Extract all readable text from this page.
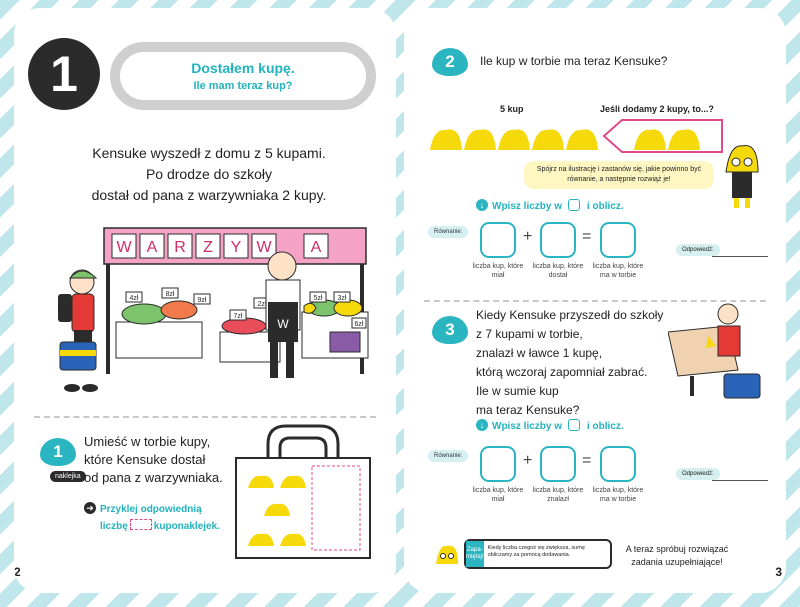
1	Dostałem kupę.
Ile mam teraz kup?
Kensuke wyszedł z domu z 5 kupami.
Po drodze do szkoły
dostał od pana z warzywniaka 2 kupy.
W A R Z Y W A
4zł
8zł
9zł
7zł
2zł
5zł 3zł
6zł
W
1
naklejka
Umieść w torbie kupy,
które Kensuke dostał
od pana z warzywniaka.
➜ Przyklej odpowiednią
liczbę	kuponaklejek.
2
2	Ile kup w torbie ma teraz Kensuke?
5 kup	Jeśli dodamy 2 kupy, to...?
Spójrz na ilustrację i zastanów się, jakie powinno być równanie, a następnie rozwiąż je!
↓ Wpisz liczby w i oblicz.
Równanie:	+	=
liczba kup, które miał
liczba kup, które dostał
liczba kup, które ma w torbie
Odpowiedź:
3
Kiedy Kensuke przyszedł do szkoły
z 7 kupami w torbie,
znalazł w ławce 1 kupę,
którą wczoraj zapomniał zabrać.
Ile w sumie kup
ma teraz Kensuke?
↓ Wpisz liczby w i oblicz.
Równanie:	+	=
liczba kup, które miał
liczba kup, które znalazł
liczba kup, które ma w torbie
Odpowiedź:
Zapa-miętaj!
Kiedy liczba czegoś się zwiększa, sumę obliczamy za pomocą dodawania.
A teraz spróbuj rozwiązać zadania uzupełniające!
3
